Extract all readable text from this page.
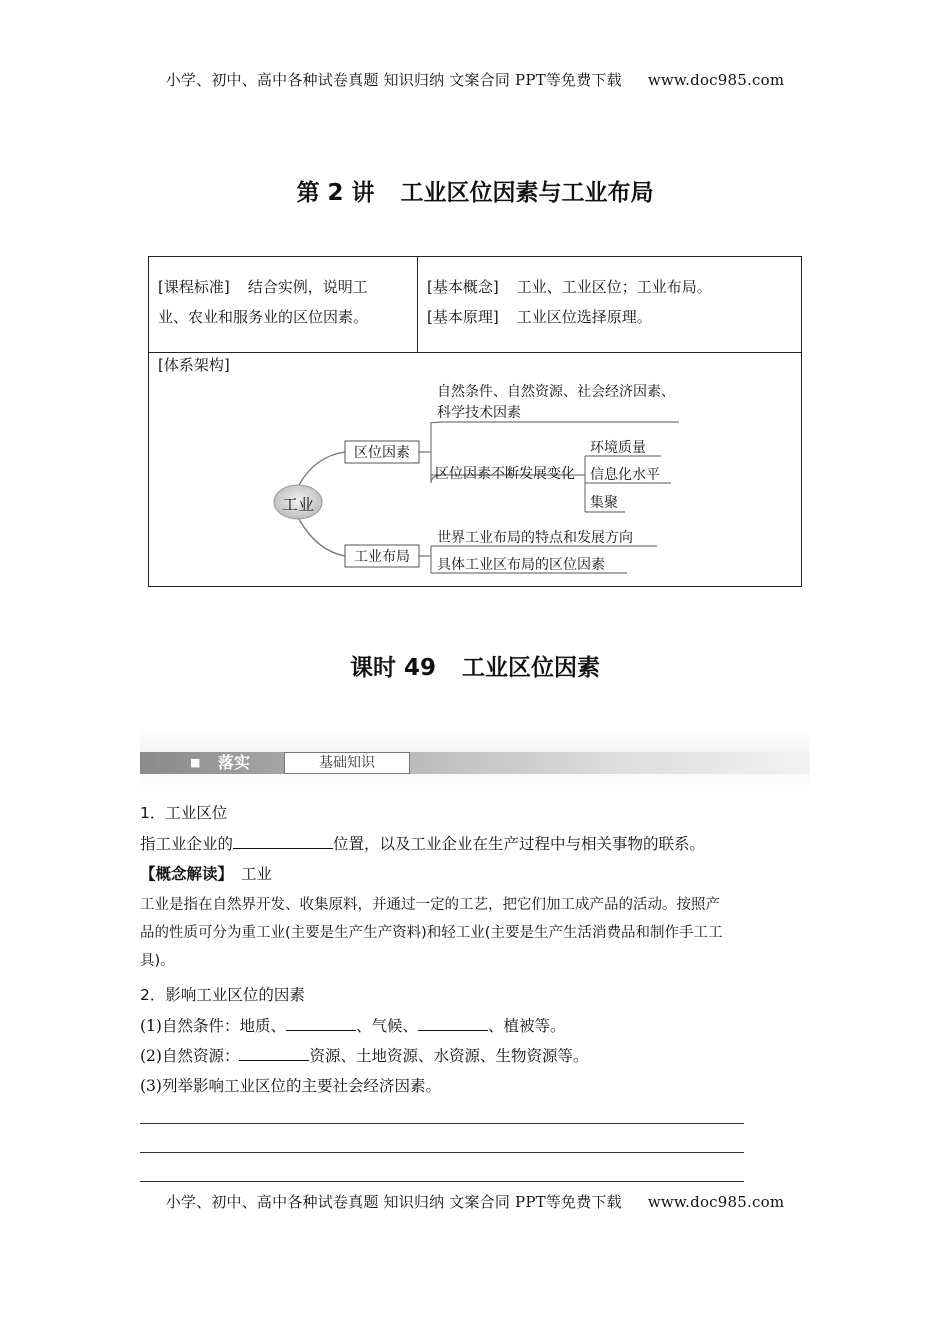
小学、初中、高中各种试卷真题 知识归纳 文案合同 PPT等免费下载 www.doc985.com
第 2 讲 工业区位因素与工业布局
[课程标准] 结合实例，说明工
业、农业和服务业的区位因素。
[基本概念] 工业、工业区位；工业布局。
[基本原理] 工业区位选择原理。
[体系架构]
工业
区位因素
工业布局
自然条件、自然资源、社会经济因素、
科学技术因素
区位因素不断发展变化
环境质量
信息化水平
集聚
世界工业布局的特点和发展方向
具体工业区布局的区位因素
课时 49 工业区位因素
■ 落实	基础知识
1．工业区位
指工业企业的	位置，以及工业企业在生产过程中与相关事物的联系。
【概念解读】 工业
工业是指在自然界开发、收集原料，并通过一定的工艺，把它们加工成产品的活动。按照产
品的性质可分为重工业(主要是生产生产资料)和轻工业(主要是生产生活消费品和制作手工工
具)。
2．影响工业区位的因素
(1)自然条件：地质、	、气候、	、植被等。
(2)自然资源：	资源、土地资源、水资源、生物资源等。
(3)列举影响工业区位的主要社会经济因素。
小学、初中、高中各种试卷真题 知识归纳 文案合同 PPT等免费下载 www.doc985.com
